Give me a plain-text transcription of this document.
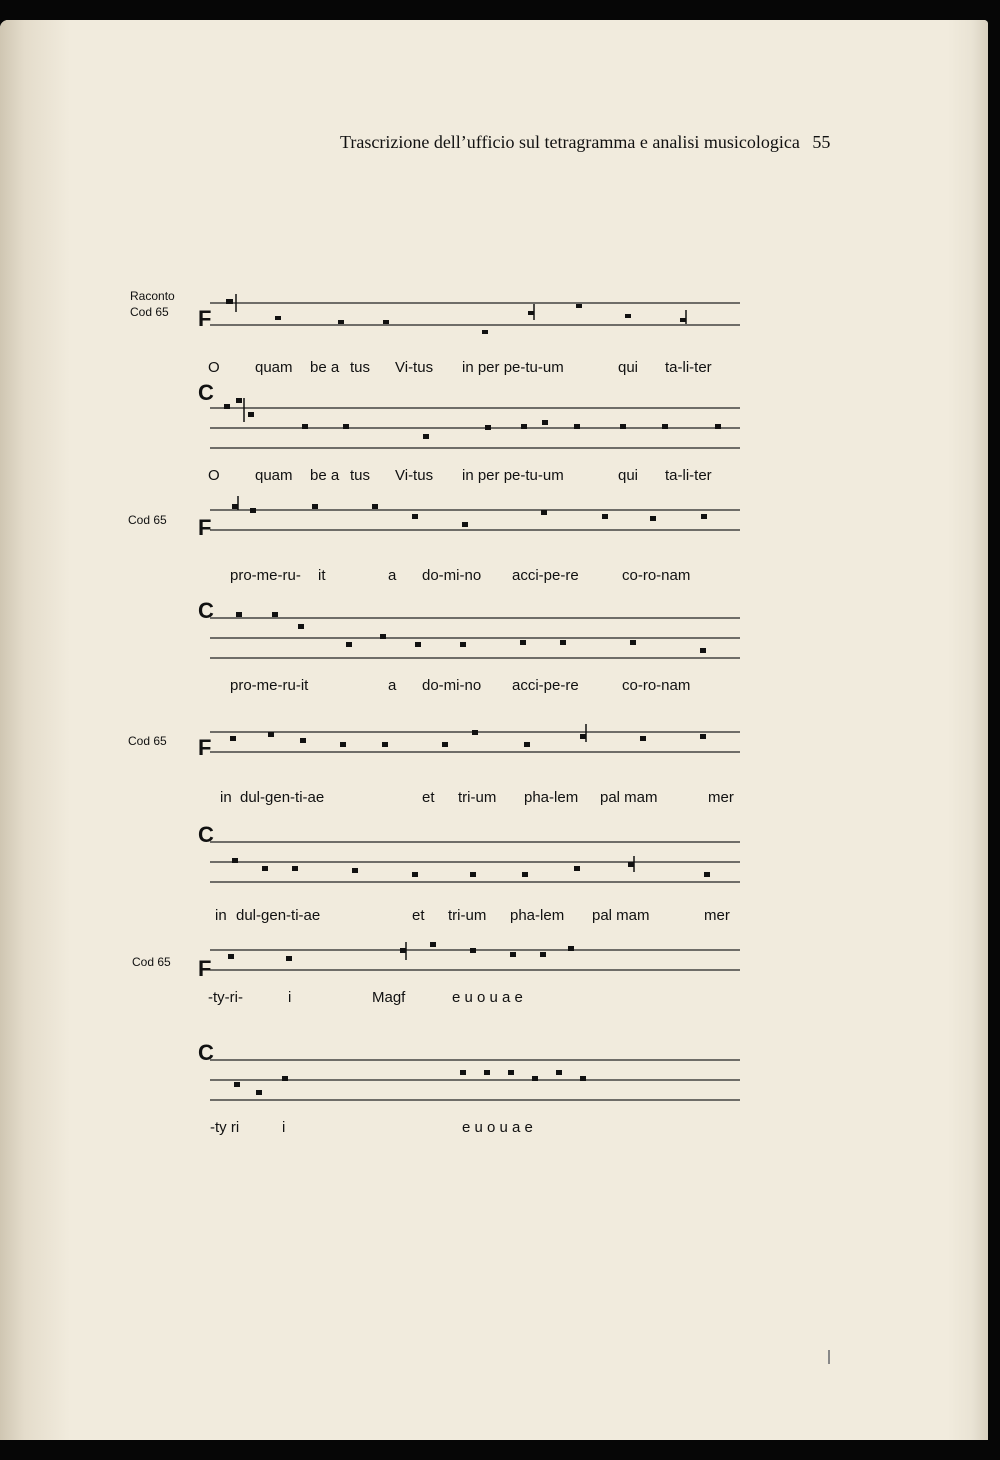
Trascrizione dell’ufficio sul tetragramma e analisi musicologica 55
Raconto
Cod 65 F
O quam be a tus Vi-tus in per pe-tu-um	qui ta-li-ter
C
O quam be a tus Vi-tus in per pe-tu-um	qui ta-li-ter
Cod 65 F
pro-me-ru- it	a do-mi-no acci-pe-re	co-ro-nam
C
pro-me-ru-it	a do-mi-no acci-pe-re	co-ro-nam
Cod 65 F
in dul-gen-ti-ae	et tri-um pha-lem pal mam	mer
C
in dul-gen-ti-ae	et tri-um pha-lem pal mam	mer
Cod 65 F
-ty-ri-	i	Magf	e u o u a e
C
-ty ri	i	e u o u a e
